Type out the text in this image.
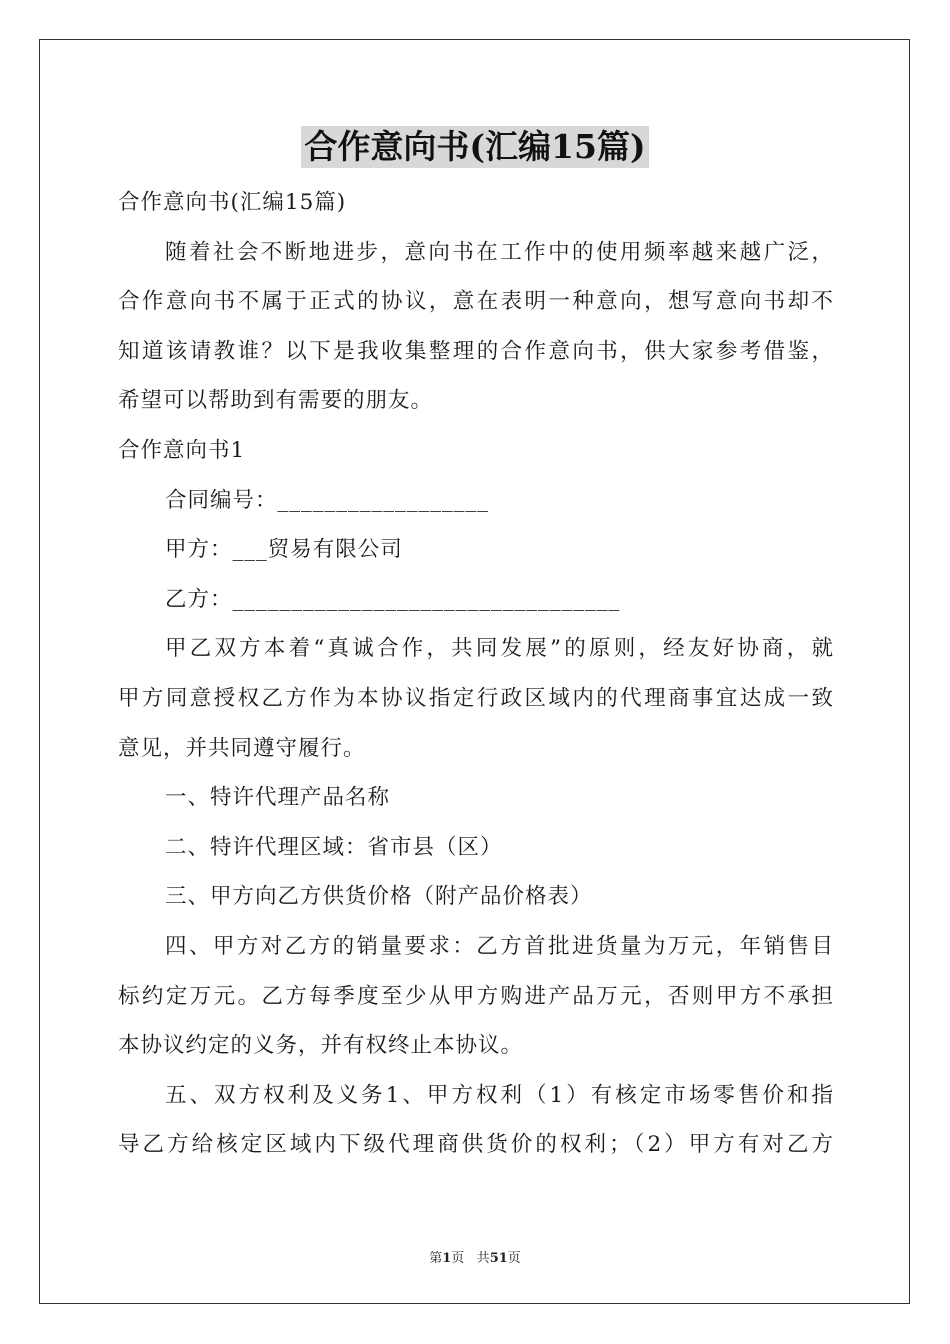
合作意向书(汇编15篇)
合作意向书(汇编15篇)
随着社会不断地进步，意向书在工作中的使用频率越来越广泛，
合作意向书不属于正式的协议，意在表明一种意向，想写意向书却不
知道该请教谁？以下是我收集整理的合作意向书，供大家参考借鉴，
希望可以帮助到有需要的朋友。
合作意向书1
合同编号：__________________
甲方：___贸易有限公司
乙方：_________________________________
甲乙双方本着“真诚合作，共同发展”的原则，经友好协商，就
甲方同意授权乙方作为本协议指定行政区域内的代理商事宜达成一致
意见，并共同遵守履行。
一、特许代理产品名称
二、特许代理区域：省市县（区）
三、甲方向乙方供货价格（附产品价格表）
四、甲方对乙方的销量要求：乙方首批进货量为万元，年销售目
标约定万元。乙方每季度至少从甲方购进产品万元，否则甲方不承担
本协议约定的义务，并有权终止本协议。
五、双方权利及义务1、甲方权利（1）有核定市场零售价和指
导乙方给核定区域内下级代理商供货价的权利；（2）甲方有对乙方
第1页 共51页
